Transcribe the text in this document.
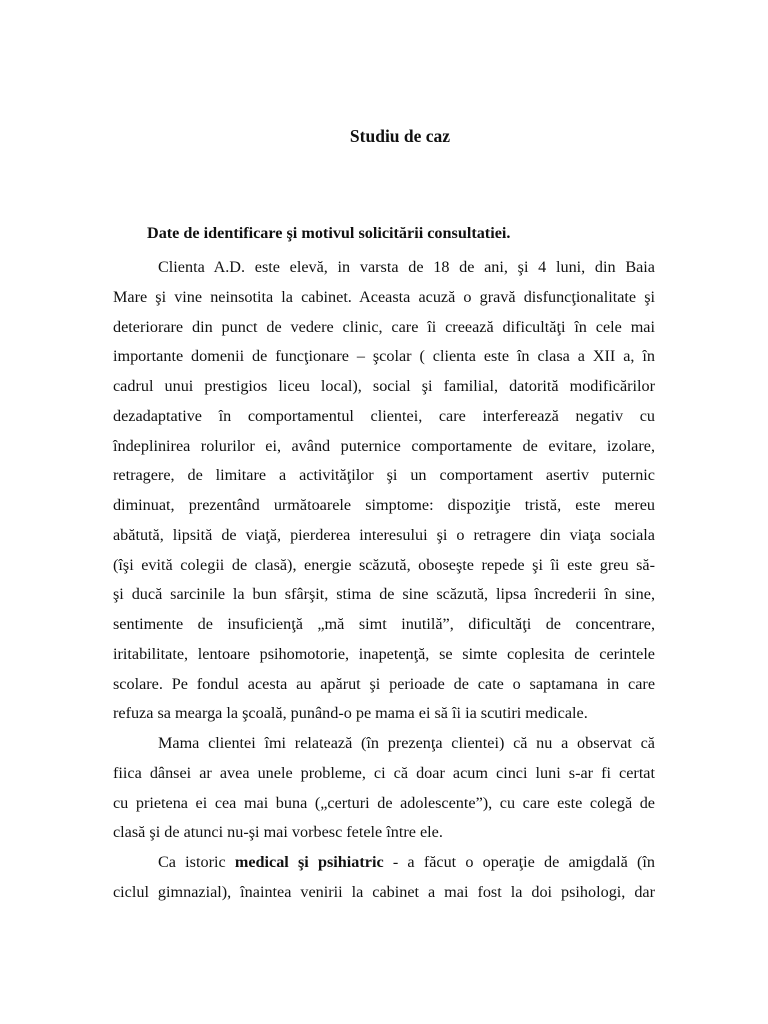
Studiu de caz
Date de identificare şi motivul solicitării consultatiei.
Clienta A.D. este elevă, in varsta de 18 de ani, şi 4 luni, din Baia
Mare şi vine neinsotita la cabinet. Aceasta acuză o gravă disfuncţionalitate şi
deteriorare din punct de vedere clinic, care îi creează dificultăţi în cele mai
importante domenii de funcţionare – şcolar ( clienta este în clasa a XII a, în
cadrul unui prestigios liceu local), social şi familial, datorită modificărilor
dezadaptative în comportamentul clientei, care interferează negativ cu
îndeplinirea rolurilor ei, având puternice comportamente de evitare, izolare,
retragere, de limitare a activităţilor şi un comportament asertiv puternic
diminuat, prezentând următoarele simptome: dispoziţie tristă, este mereu
abătută, lipsită de viaţă, pierderea interesului şi o retragere din viaţa sociala
(îşi evită colegii de clasă), energie scăzută, oboseşte repede şi îi este greu să-
şi ducă sarcinile la bun sfârşit, stima de sine scăzută, lipsa încrederii în sine,
sentimente de insuficienţă „mă simt inutilă”, dificultăţi de concentrare,
iritabilitate, lentoare psihomotorie, inapetenţă, se simte coplesita de cerintele
scolare. Pe fondul acesta au apărut şi perioade de cate o saptamana in care
refuza sa mearga la şcoală, punând-o pe mama ei să îi ia scutiri medicale.
Mama clientei îmi relatează (în prezenţa clientei) că nu a observat că
fiica dânsei ar avea unele probleme, ci că doar acum cinci luni s-ar fi certat
cu prietena ei cea mai buna („certuri de adolescente”), cu care este colegă de
clasă şi de atunci nu-şi mai vorbesc fetele între ele.
Ca istoric medical şi psihiatric - a făcut o operaţie de amigdală (în
ciclul gimnazial), înaintea venirii la cabinet a mai fost la doi psihologi, dar
